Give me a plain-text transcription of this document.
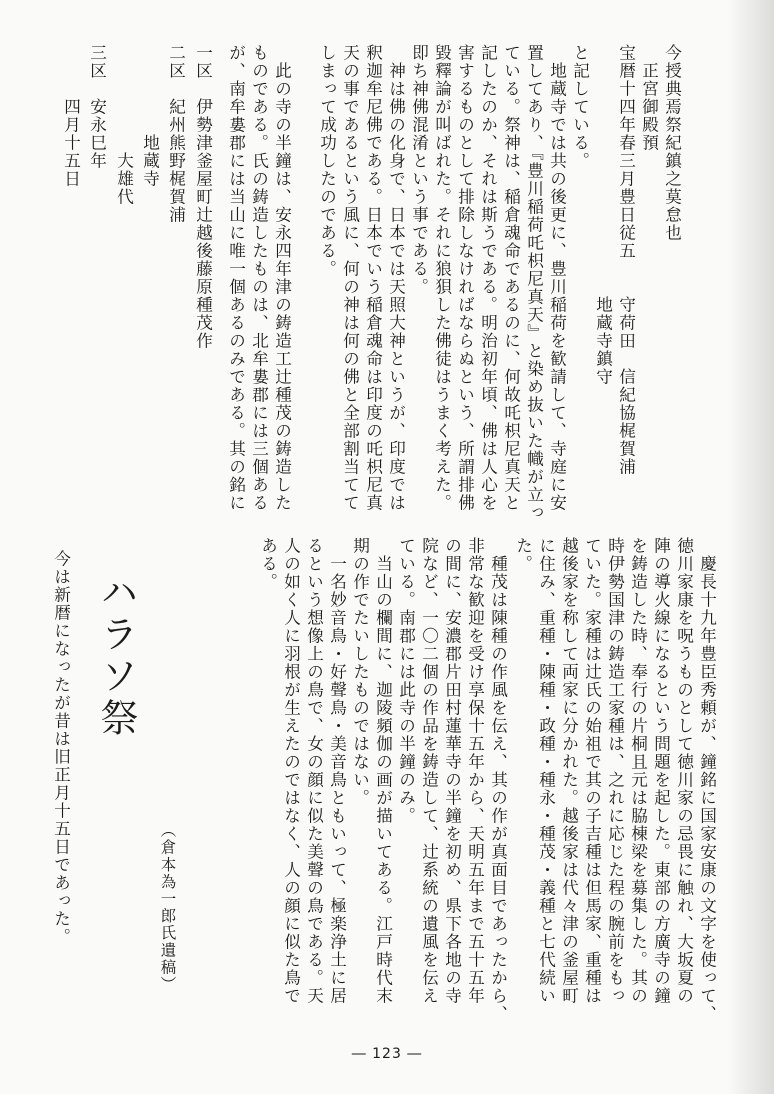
今授典焉祭紀鎮之莫怠也
　正宮御殿預
宝暦十四年春三月豊日従五　　守荷田　信紀協梶賀浦
　　　　　　　　　　　　　　地蔵寺鎮守
と記している。
　地蔵寺では共の後更に、豊川稲荷を歓請して、寺庭に安
置してあり、『豊川稲荷吒枳尼真天』と染め抜いた幟が立っ
ている。祭神は、稲倉魂命であるのに、何故吒枳尼真天と
記したのか、それは斯うである。明治初年頃、佛は人心を
害するものとして排除しなければならぬという、所謂排佛
毀釋論が叫ばれた。それに狼狽した佛徒はうまく考えた。
即ち神佛混淆という事である。
　神は佛の化身で、日本では天照大神というが、印度では
釈迦牟尼佛である。日本でいう稲倉魂命は印度の吒枳尼真
天の事であるという風に、何の神は何の佛と全部割当てて
しまって成功したのである。
　此の寺の半鐘は、安永四年津の鋳造工辻種茂の鋳造した
ものである。氏の鋳造したものは、北牟婁郡には三個ある
が、南牟婁郡には当山に唯一個あるのみである。其の銘に
一区　伊勢津釜屋町辻越後藤原種茂作
二区　紀州熊野梶賀浦
　　　　　地蔵寺
　　　　　　大雄代
三区　安永巳年
　　　四月十五日
　慶長十九年豊臣秀頼が、鐘銘に国家安康の文字を使って、
徳川家康を呪うものとして徳川家の忌畏に触れ、大坂夏の
陣の導火線になるという問題を起した。東部の方廣寺の鐘
を鋳造した時、奉行の片桐且元は脇棟梁を募集した。其の
時伊勢国津の鋳造工家種は、之れに応じた程の腕前をもっ
ていた。家種は辻氏の始祖で其の子吉種は但馬家、重種は
越後家を称して両家に分かれた。越後家は代々津の釜屋町
に住み、重種・陳種・政種・種永・種茂・義種と七代続い
た。
　種茂は陳種の作風を伝え、其の作が真面目であったから、
非常な歓迎を受け享保十五年から、天明五年まで五十五年
の間に、安濃郡片田村蓮華寺の半鐘を初め、県下各地の寺
院など、一〇二個の作品を鋳造して、辻系統の遺風を伝え
ている。南郡には此寺の半鐘のみ。
　当山の欄間に、迦陵頻伽の画が描いてある。江戸時代末
期の作でたいしたものではない。
　一名妙音鳥・好聲鳥・美音鳥ともいって、極楽浄土に居
るという想像上の鳥で、女の顔に似た美聲の鳥である。天
人の如く人に羽根が生えたのではなく、人の顔に似た鳥で
ある。
（倉本為一郎氏遺稿）
ハラソ祭
今は新暦になったが昔は旧正月十五日であった。
― 123 ―
